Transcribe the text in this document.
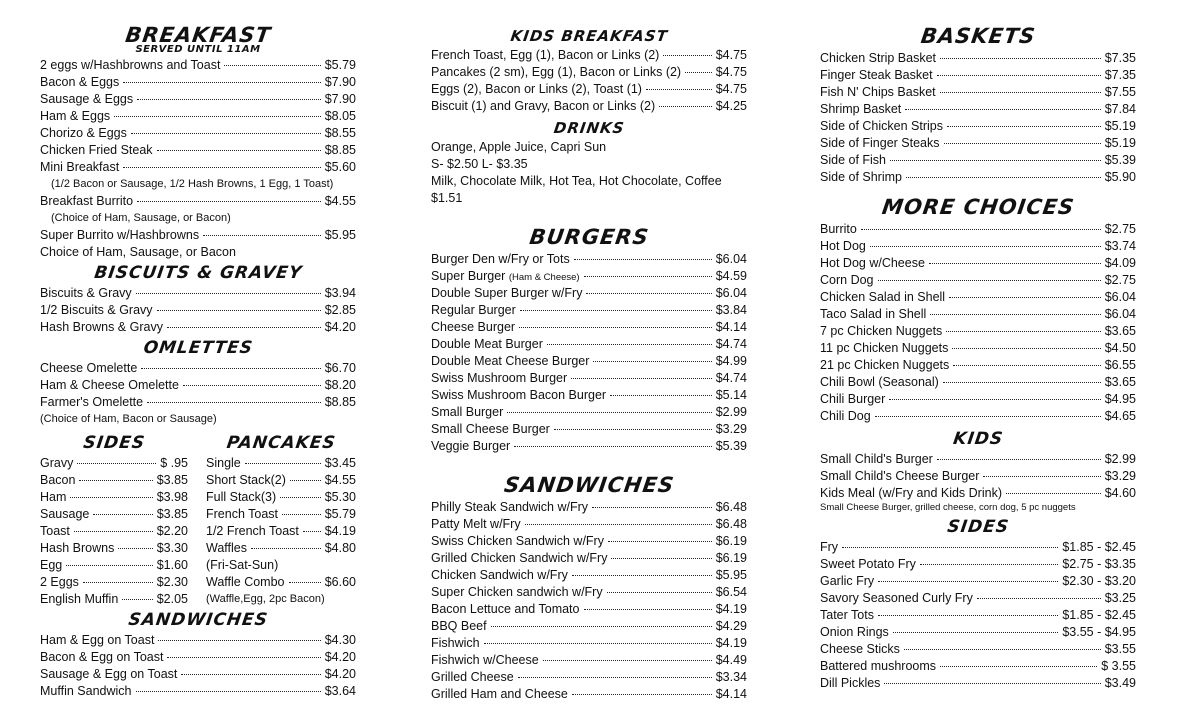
BREAKFAST
SERVED UNTIL 11AM
2 eggs w/Hashbrowns and Toast	$5.79
Bacon & Eggs	$7.90
Sausage & Eggs	$7.90
Ham & Eggs	$8.05
Chorizo & Eggs	$8.55
Chicken Fried Steak	$8.85
Mini Breakfast	$5.60
(1/2 Bacon or Sausage, 1/2 Hash Browns, 1 Egg, 1 Toast)
Breakfast Burrito	$4.55
(Choice of Ham, Sausage, or Bacon)
Super Burrito w/Hashbrowns	$5.95
Choice of Ham, Sausage, or Bacon
BISCUITS & GRAVEY
Biscuits & Gravy	$3.94
1/2 Biscuits & Gravy	$2.85
Hash Browns & Gravy	$4.20
OMLETTES
Cheese Omelette	$6.70
Ham & Cheese Omelette	$8.20
Farmer's Omelette	$8.85
(Choice of Ham, Bacon or Sausage)
SIDES
Gravy	$ .95
Bacon	$3.85
Ham	$3.98
Sausage	$3.85
Toast	$2.20
Hash Browns	$3.30
Egg	$1.60
2 Eggs	$2.30
English Muffin	$2.05
PANCAKES
Single	$3.45
Short Stack(2)	$4.55
Full Stack(3)	$5.30
French Toast	$5.79
1/2 French Toast $4.19
Waffles	$4.80
(Fri-Sat-Sun)
Waffle Combo	$6.60
(Waffle,Egg, 2pc Bacon)
SANDWICHES
Ham & Egg on Toast	$4.30
Bacon & Egg on Toast	$4.20
Sausage & Egg on Toast	$4.20
Muffin Sandwich	$3.64
KIDS BREAKFAST
French Toast, Egg (1), Bacon or Links (2)	$4.75
Pancakes (2 sm), Egg (1), Bacon or Links (2)	$4.75
Eggs (2), Bacon or Links (2), Toast (1)	$4.75
Biscuit (1) and Gravy, Bacon or Links (2)	$4.25
DRINKS
Orange, Apple Juice, Capri Sun
S- $2.50 L- $3.35
Milk, Chocolate Milk, Hot Tea, Hot Chocolate, Coffee
$1.51
BURGERS
Burger Den w/Fry or Tots	$6.04
Super Burger (Ham & Cheese)	$4.59
Double Super Burger w/Fry	$6.04
Regular Burger	$3.84
Cheese Burger	$4.14
Double Meat Burger	$4.74
Double Meat Cheese Burger	$4.99
Swiss Mushroom Burger	$4.74
Swiss Mushroom Bacon Burger	$5.14
Small Burger	$2.99
Small Cheese Burger	$3.29
Veggie Burger	$5.39
SANDWICHES
Philly Steak Sandwich w/Fry	$6.48
Patty Melt w/Fry	$6.48
Swiss Chicken Sandwich w/Fry	$6.19
Grilled Chicken Sandwich w/Fry	$6.19
Chicken Sandwich w/Fry	$5.95
Super Chicken sandwich w/Fry	$6.54
Bacon Lettuce and Tomato	$4.19
BBQ Beef	$4.29
Fishwich	$4.19
Fishwich w/Cheese	$4.49
Grilled Cheese	$3.34
Grilled Ham and Cheese	$4.14
BASKETS
Chicken Strip Basket	$7.35
Finger Steak Basket	$7.35
Fish N' Chips Basket	$7.55
Shrimp Basket	$7.84
Side of Chicken Strips	$5.19
Side of Finger Steaks	$5.19
Side of Fish	$5.39
Side of Shrimp	$5.90
MORE CHOICES
Burrito	$2.75
Hot Dog	$3.74
Hot Dog w/Cheese	$4.09
Corn Dog	$2.75
Chicken Salad in Shell	$6.04
Taco Salad in Shell	$6.04
7 pc Chicken Nuggets	$3.65
11 pc Chicken Nuggets	$4.50
21 pc Chicken Nuggets	$6.55
Chili Bowl (Seasonal)	$3.65
Chili Burger	$4.95
Chili Dog	$4.65
KIDS
Small Child's Burger	$2.99
Small Child's Cheese Burger	$3.29
Kids Meal (w/Fry and Kids Drink)	$4.60
Small Cheese Burger, grilled cheese, corn dog, 5 pc nuggets
SIDES
Fry	$1.85 - $2.45
Sweet Potato Fry	$2.75 - $3.35
Garlic Fry	$2.30 - $3.20
Savory Seasoned Curly Fry	$3.25
Tater Tots	$1.85 - $2.45
Onion Rings	$3.55 - $4.95
Cheese Sticks	$3.55
Battered mushrooms	$ 3.55
Dill Pickles	$3.49
